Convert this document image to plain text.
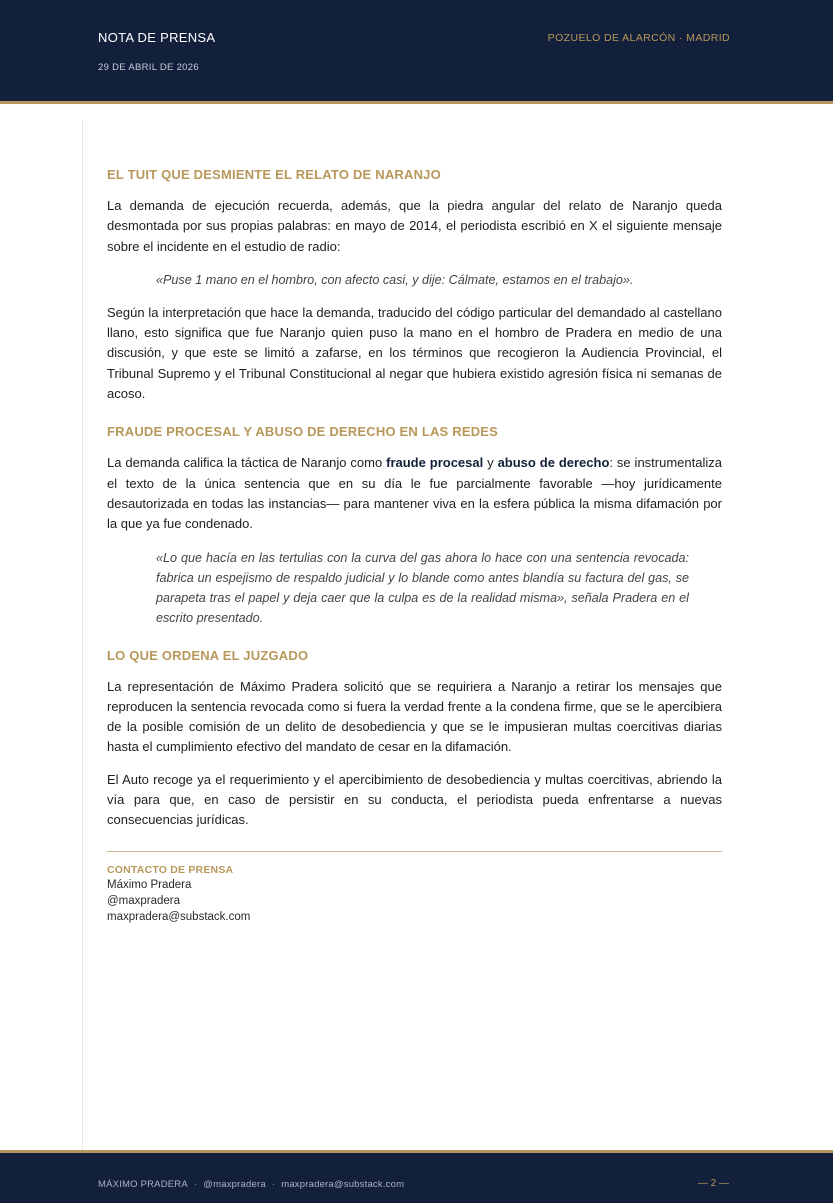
NOTA DE PRENSA
29 DE ABRIL DE 2026
POZUELO DE ALARCÓN · MADRID
EL TUIT QUE DESMIENTE EL RELATO DE NARANJO

La demanda de ejecución recuerda, además, que la piedra angular del relato de Naranjo queda desmontada por sus propias palabras: en mayo de 2014, el periodista escribió en X el siguiente mensaje sobre el incidente en el estudio de radio:

«Puse 1 mano en el hombro, con afecto casi, y dije: Cálmate, estamos en el trabajo».

Según la interpretación que hace la demanda, traducido del código particular del demandado al castellano llano, esto significa que fue Naranjo quien puso la mano en el hombro de Pradera en medio de una discusión, y que este se limitó a zafarse, en los términos que recogieron la Audiencia Provincial, el Tribunal Supremo y el Tribunal Constitucional al negar que hubiera existido agresión física ni semanas de acoso.

FRAUDE PROCESAL Y ABUSO DE DERECHO EN LAS REDES

La demanda califica la táctica de Naranjo como fraude procesal y abuso de derecho: se instrumentaliza el texto de la única sentencia que en su día le fue parcialmente favorable —hoy jurídicamente desautorizada en todas las instancias— para mantener viva en la esfera pública la misma difamación por la que ya fue condenado.

«Lo que hacía en las tertulias con la curva del gas ahora lo hace con una sentencia revocada: fabrica un espejismo de respaldo judicial y lo blande como antes blandía su factura del gas, se parapeta tras el papel y deja caer que la culpa es de la realidad misma», señala Pradera en el escrito presentado.

LO QUE ORDENA EL JUZGADO

La representación de Máximo Pradera solicitó que se requiriera a Naranjo a retirar los mensajes que reproducen la sentencia revocada como si fuera la verdad frente a la condena firme, que se le apercibiera de la posible comisión de un delito de desobediencia y que se le impusieran multas coercitivas diarias hasta el cumplimiento efectivo del mandato de cesar en la difamación.

El Auto recoge ya el requerimiento y el apercibimiento de desobediencia y multas coercitivas, abriendo la vía para que, en caso de persistir en su conducta, el periodista pueda enfrentarse a nuevas consecuencias jurídicas.

CONTACTO DE PRENSA
Máximo Pradera
@maxpradera
maxpradera@substack.com
MÁXIMO PRADERA · @maxpradera · maxpradera@substack.com	— 2 —
